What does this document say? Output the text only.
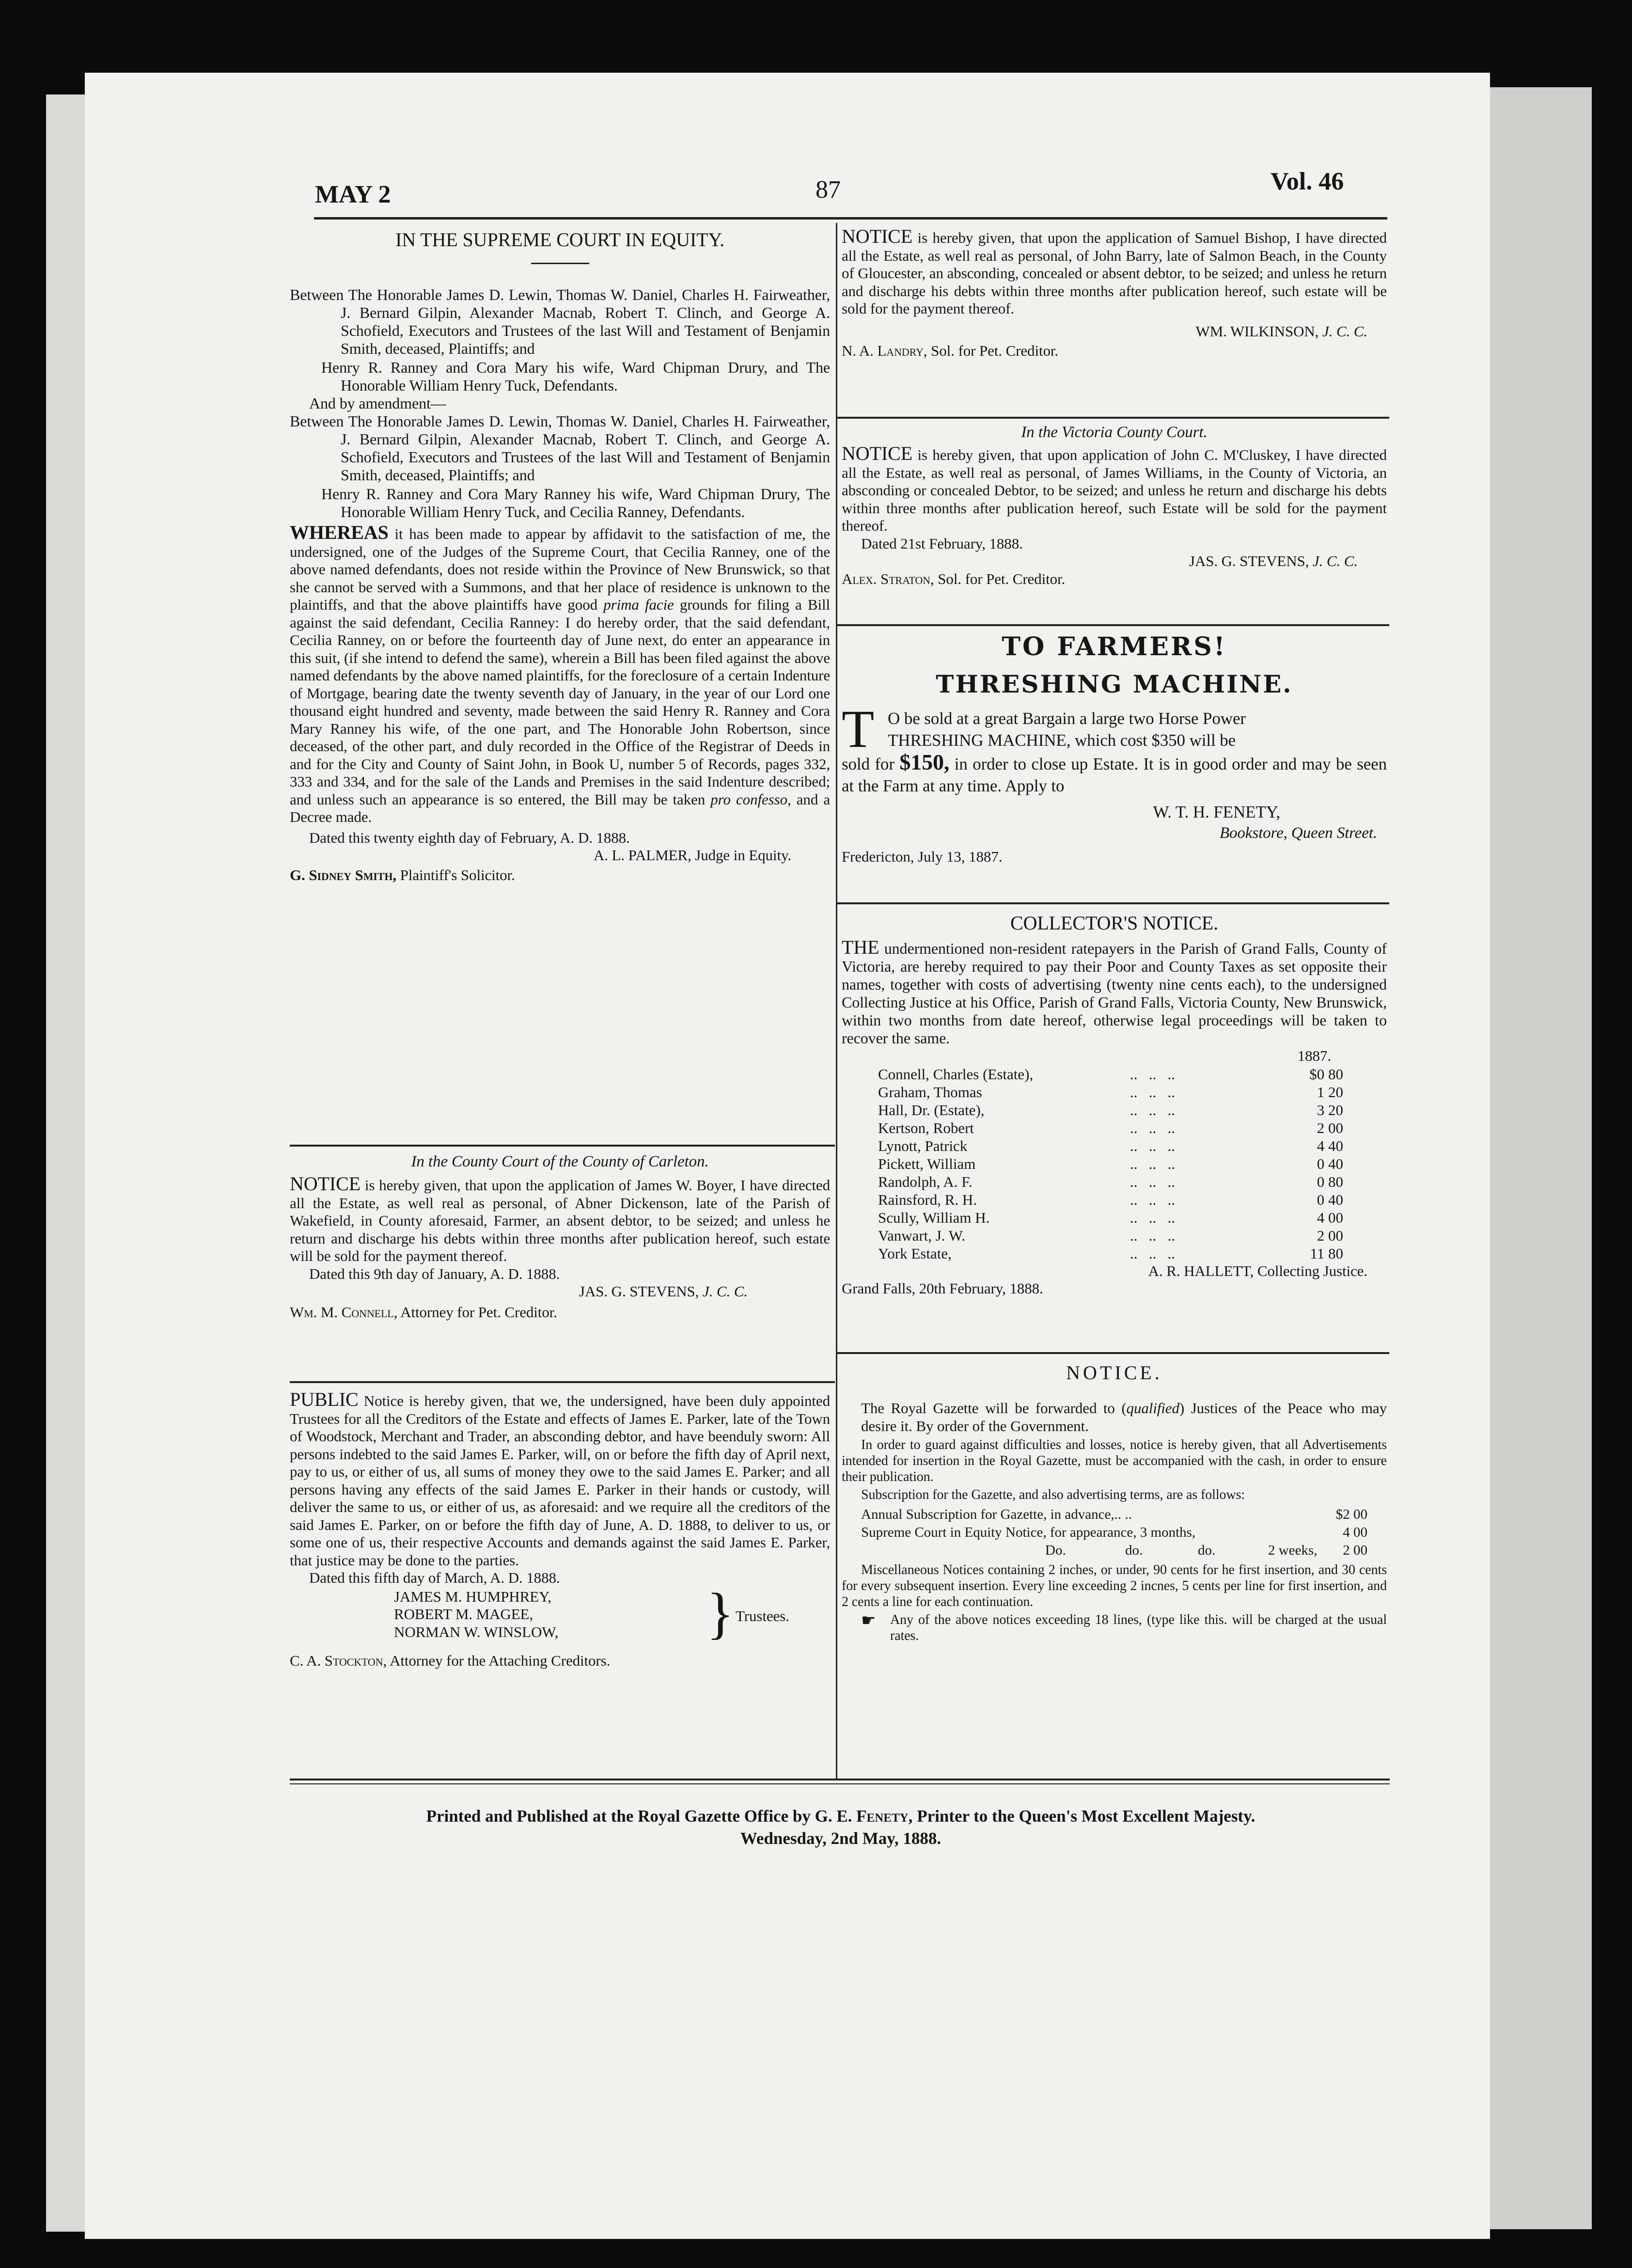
MAY 2	87	Vol. 46

IN THE SUPREME COURT IN EQUITY.

Between The Honorable James D. Lewin, Thomas W. Daniel, Charles H. Fairweather, J. Bernard Gilpin, Alexander Macnab, Robert T. Clinch, and George A. Schofield, Executors and Trustees of the last Will and Testament of Benjamin Smith, deceased, Plaintiffs; and

Henry R. Ranney and Cora Mary his wife, Ward Chipman Drury, and The Honorable William Henry Tuck, Defendants.

And by amendment—

Between The Honorable James D. Lewin, Thomas W. Daniel, Charles H. Fairweather, J. Bernard Gilpin, Alexander Macnab, Robert T. Clinch, and George A. Schofield, Executors and Trustees of the last Will and Testament of Benjamin Smith, deceased, Plaintiffs; and

Henry R. Ranney and Cora Mary Ranney his wife, Ward Chipman Drury, The Honorable William Henry Tuck, and Cecilia Ranney, Defendants.

WHEREAS it has been made to appear by affidavit to the satisfaction of me, the undersigned, one of the Judges of the Supreme Court, that Cecilia Ranney, one of the above named defendants, does not reside within the Province of New Brunswick, so that she cannot be served with a Summons, and that her place of residence is unknown to the plaintiffs, and that the above plaintiffs have good prima facie grounds for filing a Bill against the said defendant, Cecilia Ranney: I do hereby order, that the said defendant, Cecilia Ranney, on or before the fourteenth day of June next, do enter an appearance in this suit, (if she intend to defend the same), wherein a Bill has been filed against the above named defendants by the above named plaintiffs, for the foreclosure of a certain Indenture of Mortgage, bearing date the twenty seventh day of January, in the year of our Lord one thousand eight hundred and seventy, made between the said Henry R. Ranney and Cora Mary Ranney his wife, of the one part, and The Honorable John Robertson, since deceased, of the other part, and duly recorded in the Office of the Registrar of Deeds in and for the City and County of Saint John, in Book U, number 5 of Records, pages 332, 333 and 334, and for the sale of the Lands and Premises in the said Indenture described; and unless such an appearance is so entered, the Bill may be taken pro confesso, and a Decree made.

Dated this twenty eighth day of February, A. D. 1888.

A. L. PALMER, Judge in Equity.

G. Sidney Smith, Plaintiff's Solicitor.

In the County Court of the County of Carleton.

NOTICE is hereby given, that upon the application of James W. Boyer, I have directed all the Estate, as well real as personal, of Abner Dickenson, late of the Parish of Wakefield, in County aforesaid, Farmer, an absent debtor, to be seized; and unless he return and discharge his debts within three months after publication hereof, such estate will be sold for the payment thereof.

Dated this 9th day of January, A. D. 1888.

JAS. G. STEVENS, J. C. C.

Wm. M. Connell, Attorney for Pet. Creditor.

PUBLIC Notice is hereby given, that we, the undersigned, have been duly appointed Trustees for all the Creditors of the Estate and effects of James E. Parker, late of the Town of Woodstock, Merchant and Trader, an absconding debtor, and have beenduly sworn: All persons indebted to the said James E. Parker, will, on or before the fifth day of April next, pay to us, or either of us, all sums of money they owe to the said James E. Parker; and all persons having any effects of the said James E. Parker in their hands or custody, will deliver the same to us, or either of us, as aforesaid: and we require all the creditors of the said James E. Parker, on or before the fifth day of June, A. D. 1888, to deliver to us, or some one of us, their respective Accounts and demands against the said James E. Parker, that justice may be done to the parties.

Dated this fifth day of March, A. D. 1888.

JAMES M. HUMPHREY,

ROBERT M. MAGEE,

NORMAN W. WINSLOW,	} Trustees.

C. A. Stockton, Attorney for the Attaching Creditors.

NOTICE is hereby given, that upon the application of Samuel Bishop, I have directed all the Estate, as well real as personal, of John Barry, late of Salmon Beach, in the County of Gloucester, an absconding, concealed or absent debtor, to be seized; and unless he return and discharge his debts within three months after publication hereof, such estate will be sold for the payment thereof.

WM. WILKINSON, J. C. C.

N. A. Landry, Sol. for Pet. Creditor.

In the Victoria County Court.

NOTICE is hereby given, that upon application of John C. M'Cluskey, I have directed all the Estate, as well real as personal, of James Williams, in the County of Victoria, an absconding or concealed Debtor, to be seized; and unless he return and discharge his debts within three months after publication hereof, such Estate will be sold for the payment thereof.

Dated 21st February, 1888.

JAS. G. STEVENS, J. C. C.

Alex. Straton, Sol. for Pet. Creditor.

TO FARMERS!

THRESHING MACHINE.

T O be sold at a great Bargain a large two Horse Power

THRESHING MACHINE, which cost $350 will be

sold for $150, in order to close up Estate. It is in good order and may be seen at the Farm at any time. Apply to

W. T. H. FENETY,

Bookstore, Queen Street.

Fredericton, July 13, 1887.

COLLECTOR'S NOTICE.

THE undermentioned non-resident ratepayers in the Parish of Grand Falls, County of Victoria, are hereby required to pay their Poor and County Taxes as set opposite their names, together with costs of advertising (twenty nine cents each), to the undersigned Collecting Justice at his Office, Parish of Grand Falls, Victoria County, New Brunswick, within two months from date hereof, otherwise legal proceedings will be taken to recover the same.

1887.

Connell, Charles (Estate),	..   ..   ..	$0 80
Graham, Thomas	..   ..   ..	1 20
Hall, Dr. (Estate),	..   ..   ..	3 20
Kertson, Robert	..   ..   ..	2 00
Lynott, Patrick	..   ..   ..	4 40
Pickett, William	..   ..   ..	0 40
Randolph, A. F.	..   ..   ..	0 80
Rainsford, R. H.	..   ..   ..	0 40
Scully, William H.	..   ..   ..	4 00
Vanwart, J. W.	..   ..   ..	2 00
York Estate,	..   ..   ..	11 80

A. R. HALLETT, Collecting Justice.

Grand Falls, 20th February, 1888.

NOTICE.

The Royal Gazette will be forwarded to (qualified) Justices of the Peace who may desire it. By order of the Government.

In order to guard against difficulties and losses, notice is hereby given, that all Advertisements intended for insertion in the Royal Gazette, must be accompanied with the cash, in order to ensure their publication.

Subscription for the Gazette, and also advertising terms, are as follows:

Annual Subscription for Gazette, in advance,.. ..	$2 00
Supreme Court in Equity Notice, for appearance, 3 months,	4 00
Do.	do.	do.	2 weeks, 2 00

Miscellaneous Notices containing 2 inches, or under, 90 cents for he first insertion, and 30 cents for every subsequent insertion. Every line exceeding 2 incnes, 5 cents per line for first insertion, and 2 cents a line for each continuation.

☛	Any of the above notices exceeding 18 lines, (type like this. will be charged at the usual rates.

Printed and Published at the Royal Gazette Office by G. E. Fenety, Printer to the Queen's Most Excellent Majesty.
Wednesday, 2nd May, 1888.
